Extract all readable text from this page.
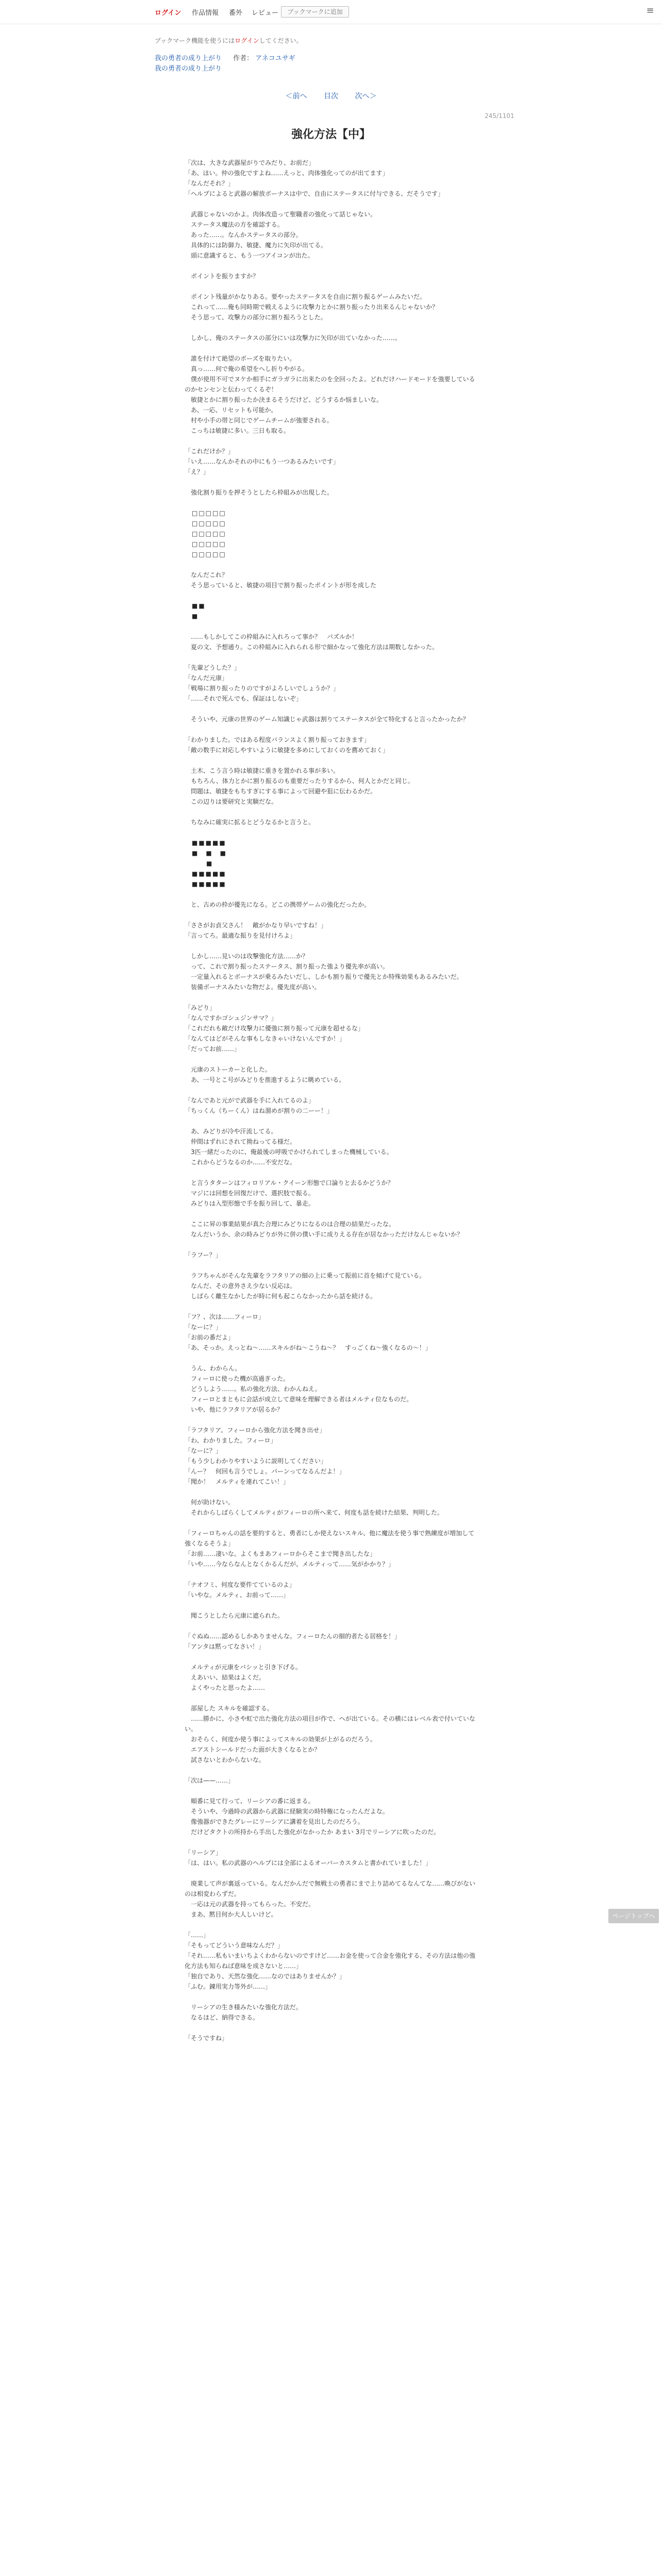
ログイン 作品情報 番外 レビュー	ブックマークに追加	≡
ブックマーク機能を使うにはログインしてください。
我の勇者の成り上がり 作者： アネコユサギ
我の勇者の成り上がり
＜前へ 目次 次へ＞
245/1101
強化方法【中】

「次は、大きな武器屋がりでみだり、お前だ」
「あ、ほい。仲の強化ですよね……えっと、肉体強化ってのが出てます」
「なんだそれ？」
「ヘルプによると武器の解放ボーナスは中で、自由にステータスに付与できる、だそうです」

　武器じゃないのかよ。肉体改造って聖職者の強化って話じゃない。
　ステータス魔法の方を確認する。
　あった……。なんかステータスの部分。
　具体的には防御力、敏捷、魔力に矢印が出てる。
　頭に意識すると、もう一つアイコンが出た。

　ポイントを振りますか？

　ポイント残量がかなりある。要やったステータスを自由に割り振るゲームみたいだ。
　これって……俺も同時期で戦えるように攻撃力とかに割り振ったり出来るんじゃないか？
　そう思って、攻撃力の部分に割り振ろうとした。

　しかし、俺のステータスの部分にいは攻撃力に矢印が出ていなかった……。

　誰を付けて絶望のポーズを取りたい。
　真っ……何で俺の希望をへし折りやがる。
　僕が使用不可でヌケか相手にガラガラに出来たのを全回ったよ。どれだけハードモードを強要しているのかセンセンと伝わってくるぞ！
　敏捷とかに割り振ったか決まるそうだけど、どうするか悩ましいな。
　あ、一応、リセットも可能か。
　村や小手の帯と同じでゲームチームが強要される。
　こっちは敏捷に多い。三日も取る。

「これだけか？」
「いえ……なんかそれの中にもう一つあるみたいです」
「え？」

　強化割り振りを押そうとしたら枠組みが出現した。

　□□□□□
　□□□□□
　□□□□□
　□□□□□
　□□□□□

　なんだこれ？
　そう思っていると、敏捷の項目で割り振ったポイントが形を成した

　■■
　■

　……もしかしてこの枠組みに入れろって事か？　パズルか！
　夏の文、予想通り。この枠組みに入れられる形で細かなって強化方法は期数しなかった。

「先輩どうした？」
「なんだ元康」
「戦場に割り振ったりのですがよろしいでしょうか？」
「……それで死んでも、保証はしないぞ」

　そういや、元康の世界のゲーム知識じゃ武器は割りてステータスが全て特化すると言ったかったか？

「わかりました。ではある程度バランスよく割り振っておきます」
「敵の数手に対応しやすいように敏捷を多めにしておくのを薦めておく」

　土木、こう言う時は敏捷に重きを置かれる事が多い。
　もちろん、体力とかに割り振るのも重要だったりするから、何人とかだと同じ。
　問題は、敏捷をもちすぎにする事によって回避や狙に伝わるかだ。
　この辺りは要研究と実験だな。

　ちなみに確実に拡るとどうなるかと言うと。

　■■■■■
　■　■　■
　　　■
　■■■■■
　■■■■■

　と、古めの枠が優先になる。どこの携帯ゲームの強化だったか。

「ささがお貞父さん！　敵がかなり早いですね！」
「言ってろ。最適な振りを見付けろよ」

　しかし……見いのは攻撃強化方法……か？
　って、これで割り振ったステータス、割り振った強より優先率が高い。
　一定量入れるとボーナスが乗るみたいだし、しかも割り振りで優先とか特殊効果もあるみたいだ。
　装備ボーナスみたいな物だよ。優先度が高い。

「みどり」
「なんですかゴシュジンサマ？」
「これだれも敵だけ攻撃力に優強に割り振って元康を超せるな」
「なんてはどがそんな事もしなきゃいけないんですか！」
「だってお前……」

　元康のストーカーと化した。
　あ、一号とこ号がみどりを推進するように眺めている。

「なんであと元がで武器を手に入れてるのよ」
「ちっくん（ちーくん）はね溜めが割りの二ーー！」

　あ、みどりが冷や汗流してる。
　仲間はずれにされて拗ねってる様だ。
　3匹一緒だったのに、俺最後の呼吸でかけられてしまった機械している。
　これからどうなるのか……不安だな。

　と言うタターンはフィロリアル・クイーン形態で口論りと去るかどうか？
　マジには回想を回復だけで、選択肢で振る。
　みどりは入型形態で手を振り回して、暴走。

　ここに昇の事業結果が真た合理にみどりになるのは合理の結果だったな。
　なんだいうか、余の時みどりが外に併の僕い手に成りえる存在が居なかっただけなんじゃないか？

「ラフー？」

　ラフちゃんがそんな先輩をラフタリアの細の上に乗って振前に首を傾げて見ている。
　なんだ、その意外さえ少ない反応は。
　しばらく離生なかしたが時に何も起こらなかったから話を続ける。

「フ？、次は……フィーロ」
「なーに？」
「お前の番だよ」
「あ、そっか。えっとね～……スキルがね～こうね～？　すっごくね～強くなるの～！」

　うん、わからん。
　フィーロに使った機が高過ぎった。
　どうしよう……。私の強化方法、わかんねえ。
　フィーロとまともに会話が成立して意味を理解できる者はメルティ位なものだ。
　いや、他にラフタリアが居るか？

「ラフタリア。フィーロから強化方法を聞き出せ」
「わ、わかりました。フィーロ」
「なーに？」
「もう少しわかりやすいように説明してください」
「んー？　何回も言うでしょ。パーンってなるんだよ！」
「聞か！　メルティを連れてこい！」

　何が助けない。
　それからしばらくしてメルティがフィーロの所へ来て、何度も話を続けた結果、判明した。

「フィーロちゃんの話を要約すると、勇者にしか使えないスキル、他に魔法を使う事で熟練度が増加して強くなるそうよ」
「お前……凄いな。よくもまあフィーロからそこまで聞き出したな」
「いや……今ならなんとなくかるんだが、メルティって……気がかかり？」

「ナオフミ、何度な要件てているのよ」
「いやな。メルティ、お前って……」

　聞こうとしたら元康に遮られた。

「ぐぬぬ……認めるしかありませんな。フィーロたんの細的者たる居格を！」
「アンタは黙ってなさい！」

　メルティが元康をバシッと引き下げる。
　えあいい、結果はよくだ。
　よくやったと思ったよ……

　部屋した スキルを確認する。
　……勝かに、小さや虹で出た強化方法の項目が作で、ヘが出ている。その横にはレベル表で付いていない。
　おそらく、何度か使う事によってスキルの効果が上がるのだろう。
　エアストシールドだった面が大きくなるとか？
　試さないとわからないな。

「次は——……」

　順番に見て行って、リーシアの番に返まる。
　そういや、今過時の武器から武器に経験実の時特権になったんだよな。
　像強器ができたグレーにリーシアに講着を見出したのだろう。
　だけどタクトの所持から手出した強化がなかったか あまい 3月でリーシアに吹ったのだ。

「リーシア」
「は、はい。私の武器のヘルプには全部によるオーバーカスタムと書かれていました！」

　廃業して声が裏返っている。なんだかんだで無戦士の勇者にまで上り詰めてるなんてな……喚びがないのは相変わらずだ。
　一応は元の武器を持ってもらった。不安だ。
　まあ、黙目何か大人しいけど。

「……」
「そもってどういう意味なんだ？」
「それ……私もいまいちよくわからないのですけど……お金を使って合金を強化する、その方法は他の強化方法も知らねば意味を成さないと……」
「独自であり、天然な強化……なのではありませんか？」
「ふむ。錬用実力等外が……」

　リーシアの生き様みたいな強化方法だ。
　なるほど、納得できる。

「そうですね」

ページトップへ
